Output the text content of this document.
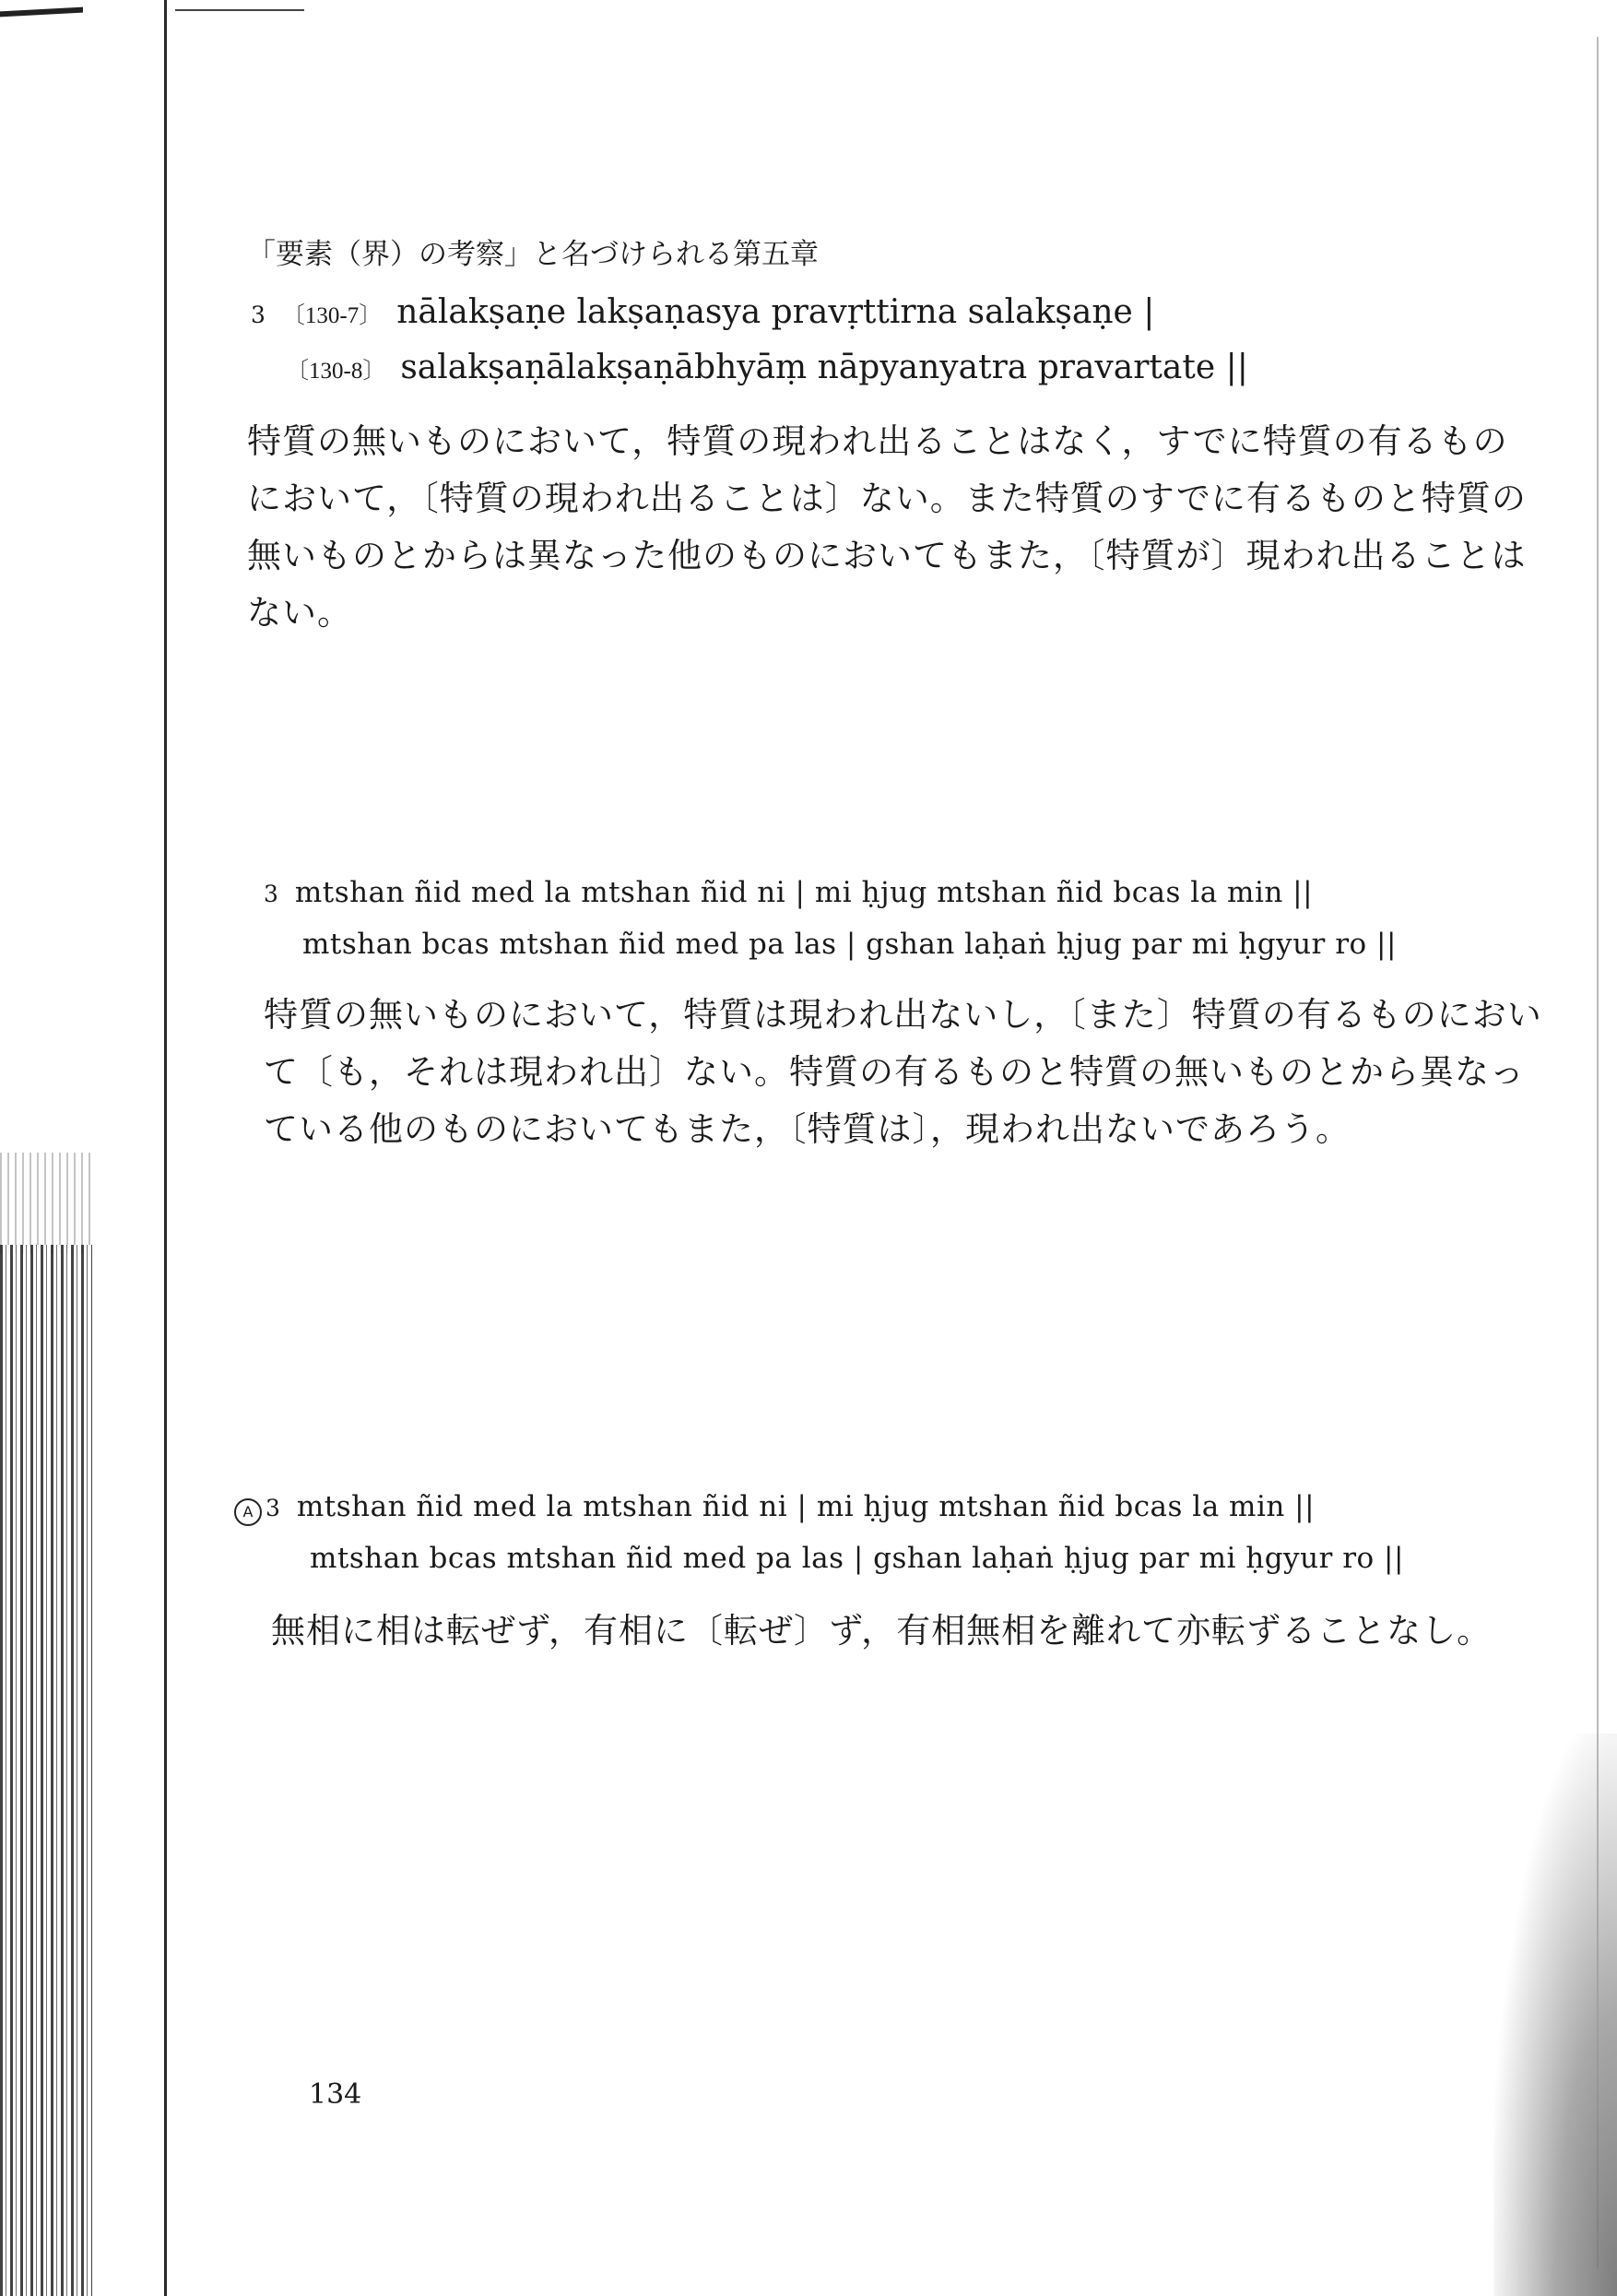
「要素（界）の考察」と名づけられる第五章
3 〔130-7〕 nālakṣaṇe lakṣaṇasya pravṛttirna salakṣaṇe |
〔130-8〕 salakṣaṇālakṣaṇābhyāṃ nāpyanyatra pravartate ||
特質の無いものにおいて，特質の現われ出ることはなく，すでに特質の有るもの
において，〔特質の現われ出ることは〕ない。また特質のすでに有るものと特質の
無いものとからは異なった他のものにおいてもまた，〔特質が〕現われ出ることは
ない。
3 mtshan ñid med la mtshan ñid ni | mi ḥjug mtshan ñid bcas la min ||
mtshan bcas mtshan ñid med pa las | gshan laḥaṅ ḥjug par mi ḥgyur ro ||
特質の無いものにおいて，特質は現われ出ないし，〔また〕特質の有るものにおい
て〔も，それは現われ出〕ない。特質の有るものと特質の無いものとから異なっ
ている他のものにおいてもまた，〔特質は〕，現われ出ないであろう。
A 3 mtshan ñid med la mtshan ñid ni | mi ḥjug mtshan ñid bcas la min ||
mtshan bcas mtshan ñid med pa las | gshan laḥaṅ ḥjug par mi ḥgyur ro ||
無相に相は転ぜず，有相に〔転ぜ〕ず，有相無相を離れて亦転ずることなし。
134
